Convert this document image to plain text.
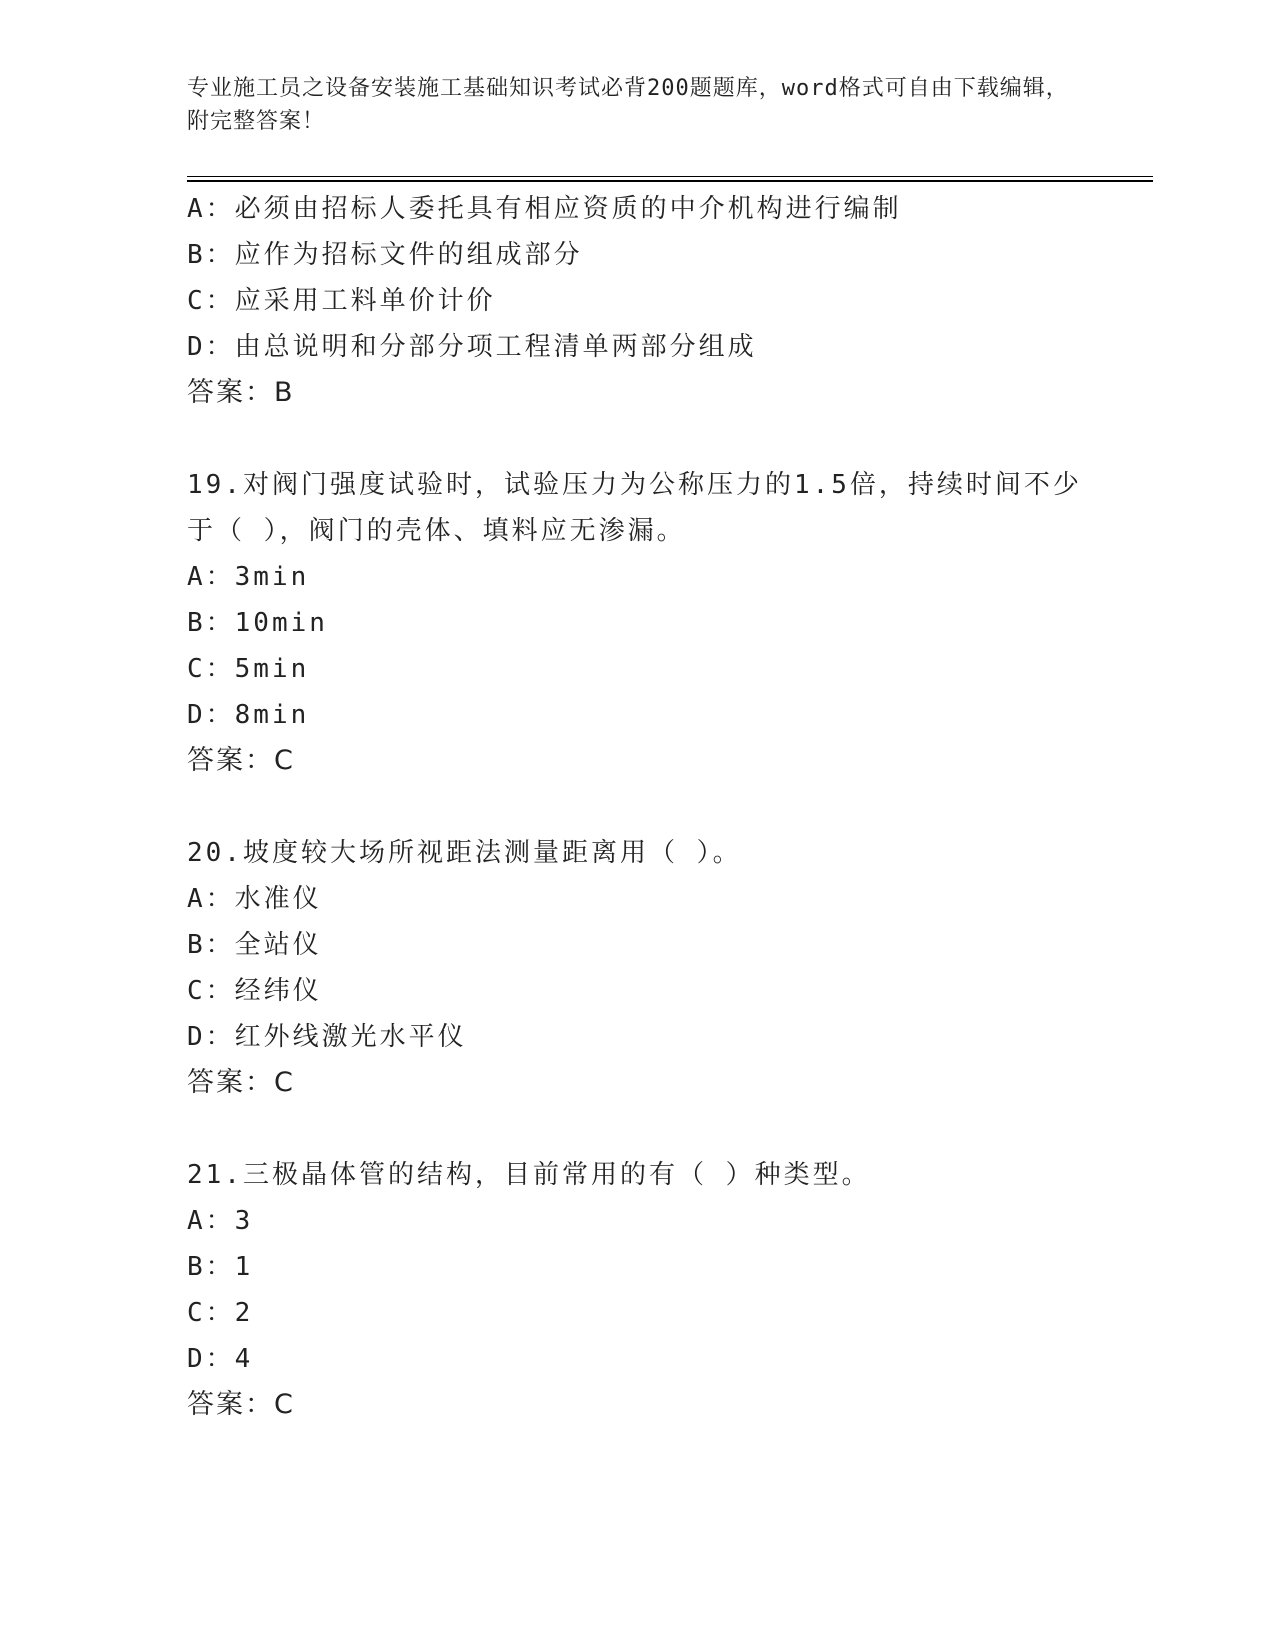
专业施工员之设备安装施工基础知识考试必背200题题库，word格式可自由下载编辑，附完整答案！
A：必须由招标人委托具有相应资质的中介机构进行编制
B：应作为招标文件的组成部分
C：应采用工料单价计价
D：由总说明和分部分项工程清单两部分组成
答案：B
19.对阀门强度试验时，试验压力为公称压力的1.5倍，持续时间不少于（ ），阀门的壳体、填料应无渗漏。
A：3min
B：10min
C：5min
D：8min
答案：C
20.坡度较大场所视距法测量距离用（ ）。
A：水准仪
B：全站仪
C：经纬仪
D：红外线激光水平仪
答案：C
21.三极晶体管的结构，目前常用的有（ ）种类型。
A：3
B：1
C：2
D：4
答案：C
